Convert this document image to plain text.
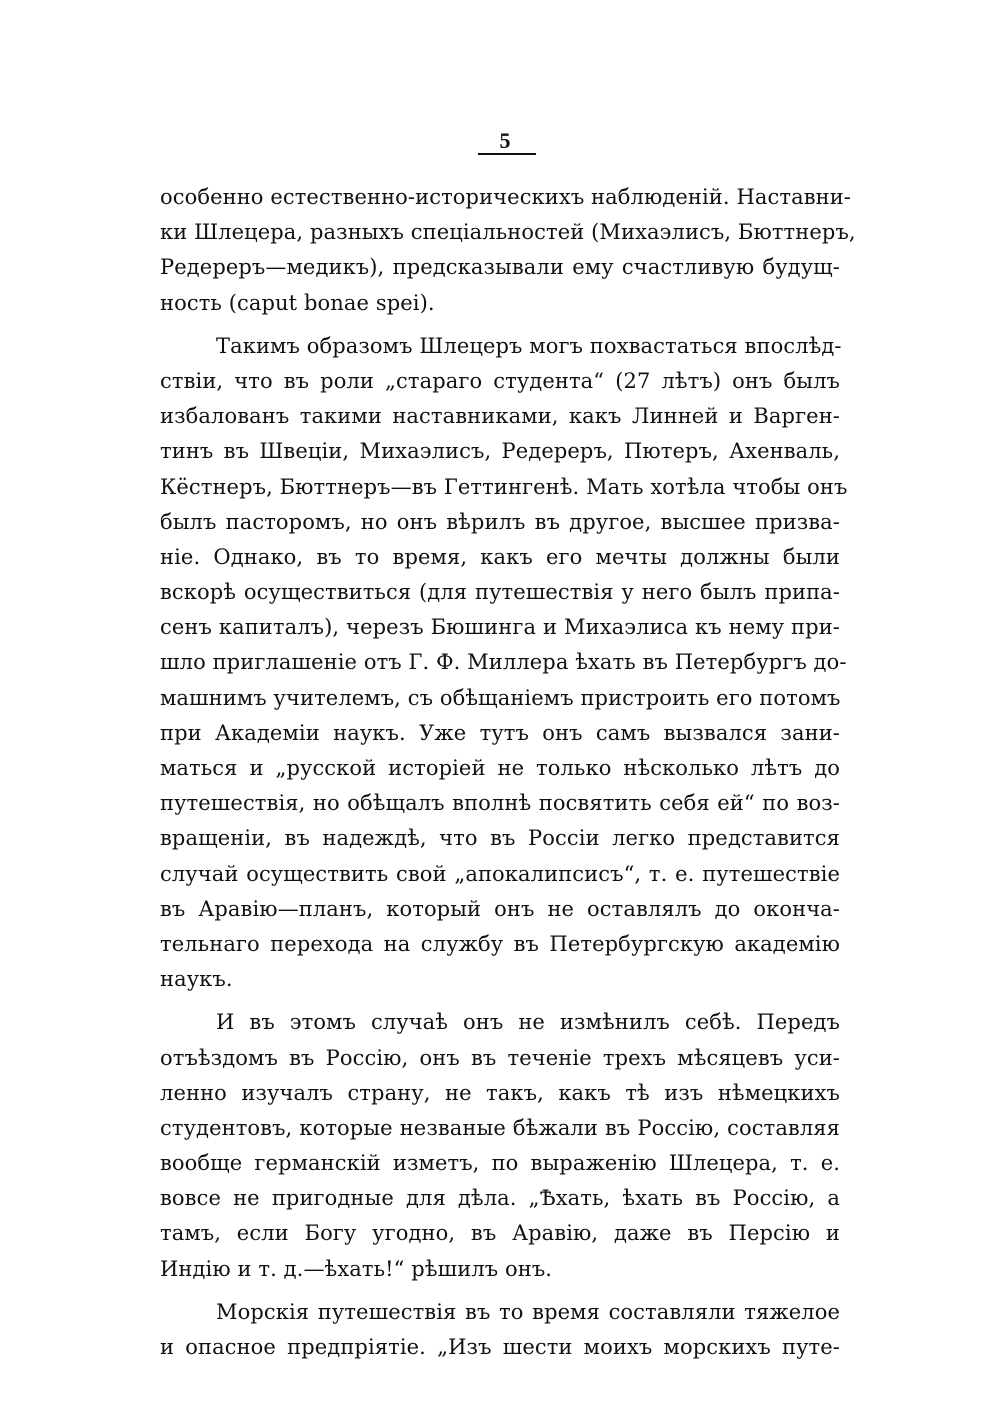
5
особенно естественно-историческихъ наблюденій. Наставни-
ки Шлецера, разныхъ спеціальностей (Михаэлисъ, Бюттнеръ,
Редереръ—медикъ), предсказывали ему счастливую будущ-
ность (caput bonae spei).
Такимъ образомъ Шлецеръ могъ похвастаться впослѣд-
ствіи, что въ роли „стараго студента“ (27 лѣтъ) онъ былъ
избалованъ такими наставниками, какъ Линней и Варген-
тинъ въ Швеціи, Михаэлисъ, Редереръ, Пютеръ, Ахенваль,
Кёстнеръ, Бюттнеръ—въ Геттингенѣ. Мать хотѣла чтобы онъ
былъ пасторомъ, но онъ вѣрилъ въ другое, высшее призва-
ніе. Однако, въ то время, какъ его мечты должны были
вскорѣ осуществиться (для путешествія у него былъ припа-
сенъ капиталъ), черезъ Бюшинга и Михаэлиса къ нему при-
шло приглашеніе отъ Г. Ф. Миллера ѣхать въ Петербургъ до-
машнимъ учителемъ, съ обѣщаніемъ пристроить его потомъ
при Академіи наукъ. Уже тутъ онъ самъ вызвался зани-
маться и „русской исторіей не только нѣсколько лѣтъ до
путешествія, но обѣщалъ вполнѣ посвятить себя ей“ по воз-
вращеніи, въ надеждѣ, что въ Россіи легко представится
случай осуществить свой „апокалипсисъ“, т. е. путешествіе
въ Аравію—планъ, который онъ не оставлялъ до оконча-
тельнаго перехода на службу въ Петербургскую академію
наукъ.
И въ этомъ случаѣ онъ не измѣнилъ себѣ. Передъ
отъѣздомъ въ Россію, онъ въ теченіе трехъ мѣсяцевъ уси-
ленно изучалъ страну, не такъ, какъ тѣ изъ нѣмецкихъ
студентовъ, которые незваные бѣжали въ Россію, составляя
вообще германскій изметъ, по выраженію Шлецера, т. е.
вовсе не пригодные для дѣла. „Ѣхать, ѣхать въ Россію, а
тамъ, если Богу угодно, въ Аравію, даже въ Персію и
Индію и т. д.—ѣхать!“ рѣшилъ онъ.
Морскія путешествія въ то время составляли тяжелое
и опасное предпріятіе. „Изъ шести моихъ морскихъ путе-
